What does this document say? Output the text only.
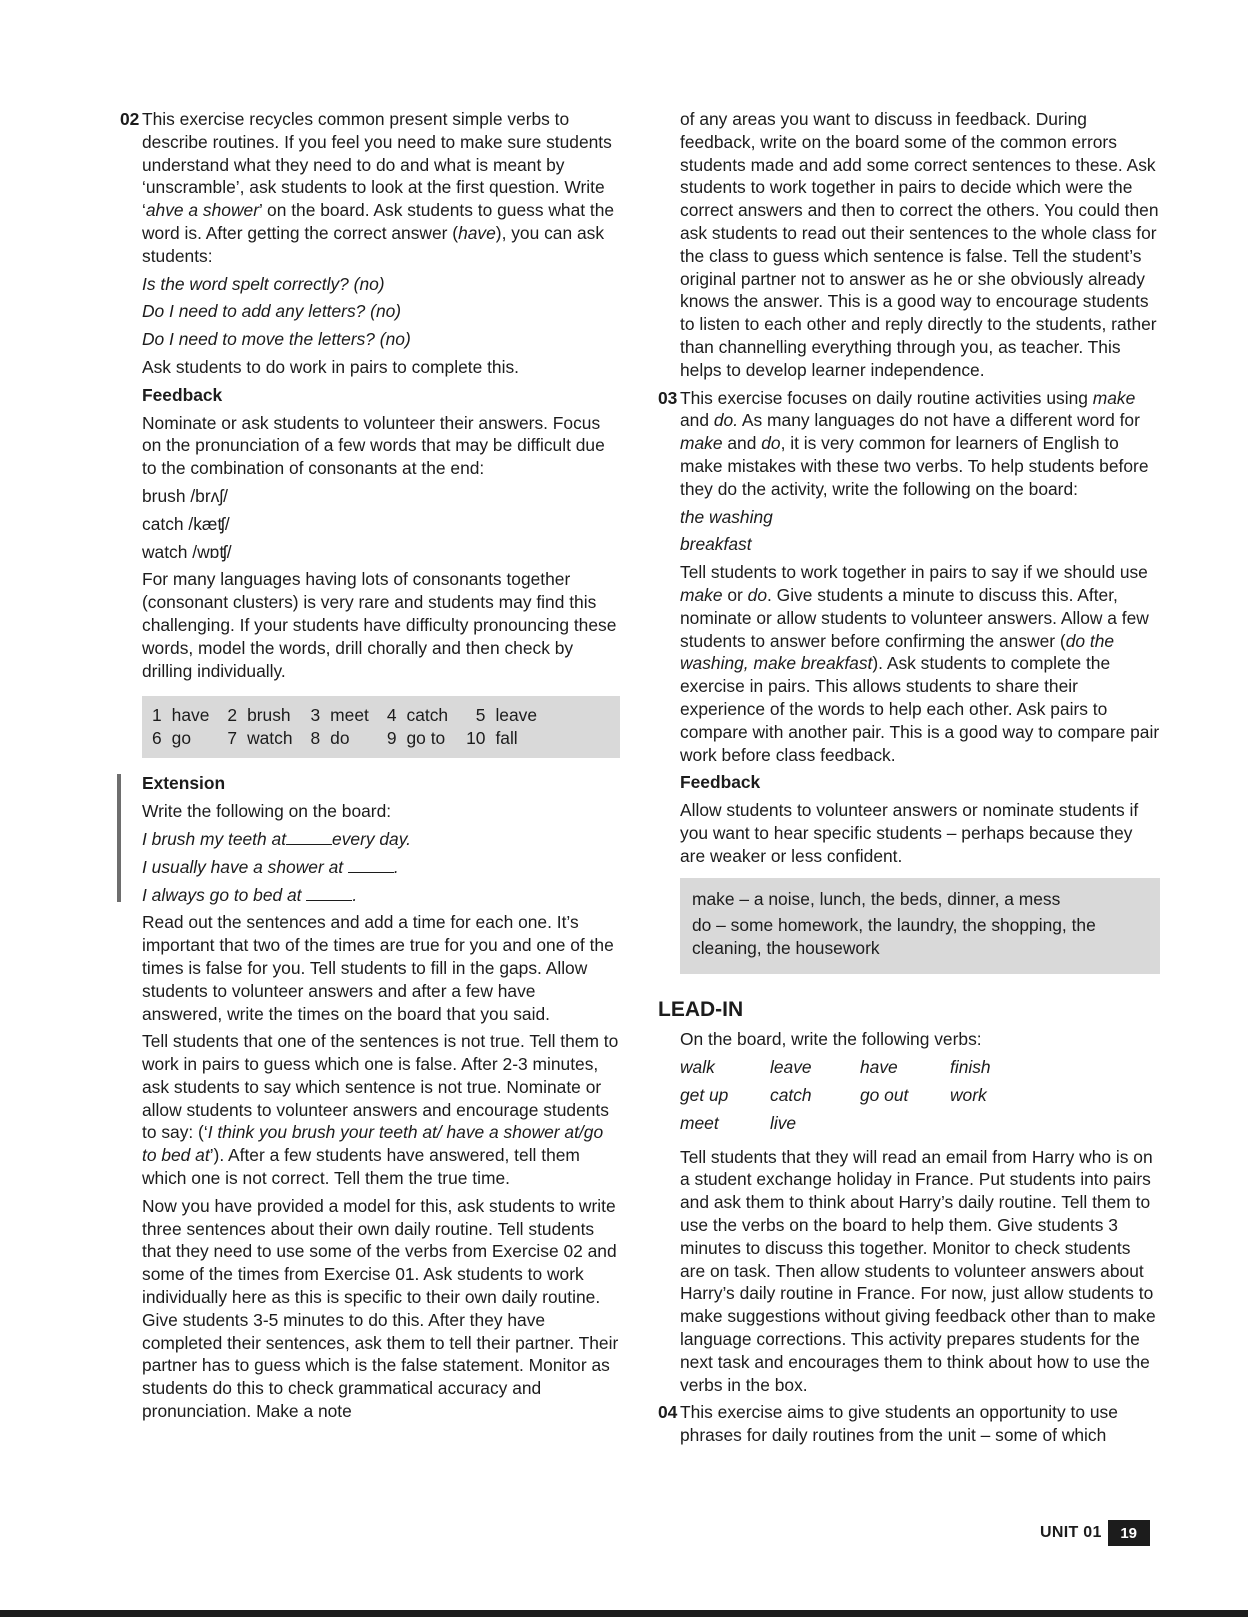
02 This exercise recycles common present simple verbs to describe routines. If you feel you need to make sure students understand what they need to do and what is meant by ‘unscramble’, ask students to look at the first question. Write ‘ahve a shower’ on the board. Ask students to guess what the word is. After getting the correct answer (have), you can ask students:

Is the word spelt correctly? (no)

Do I need to add any letters? (no)

Do I need to move the letters? (no)

Ask students to do work in pairs to complete this.

Feedback

Nominate or ask students to volunteer their answers. Focus on the pronunciation of a few words that may be difficult due to the combination of consonants at the end:

brush /brʌʃ/

catch /kæʧ/

watch /wɒʧ/

For many languages having lots of consonants together (consonant clusters) is very rare and students may find this challenging. If your students have difficulty pronouncing these words, model the words, drill chorally and then check by drilling individually.

1	have	2	brush	3	meet	4	catch	5	leave
6	go	7	watch	8	do	9	go to	10	fall

Extension

Write the following on the board:

I brush my teeth at	every day.

I usually have a shower at	.

I always go to bed at	.

Read out the sentences and add a time for each one. It’s important that two of the times are true for you and one of the times is false for you. Tell students to fill in the gaps. Allow students to volunteer answers and after a few have answered, write the times on the board that you said.

Tell students that one of the sentences is not true. Tell them to work in pairs to guess which one is false. After 2-3 minutes, ask students to say which sentence is not true. Nominate or allow students to volunteer answers and encourage students to say: (‘I think you brush your teeth at/ have a shower at/go to bed at’). After a few students have answered, tell them which one is not correct. Tell them the true time.

Now you have provided a model for this, ask students to write three sentences about their own daily routine. Tell students that they need to use some of the verbs from Exercise 02 and some of the times from Exercise 01. Ask students to work individually here as this is specific to their own daily routine. Give students 3-5 minutes to do this. After they have completed their sentences, ask them to tell their partner. Their partner has to guess which is the false statement. Monitor as students do this to check grammatical accuracy and pronunciation. Make a note

of any areas you want to discuss in feedback. During feedback, write on the board some of the common errors students made and add some correct sentences to these. Ask students to work together in pairs to decide which were the correct answers and then to correct the others. You could then ask students to read out their sentences to the whole class for the class to guess which sentence is false. Tell the student’s original partner not to answer as he or she obviously already knows the answer. This is a good way to encourage students to listen to each other and reply directly to the students, rather than channelling everything through you, as teacher. This helps to develop learner independence.

03 This exercise focuses on daily routine activities using make and do. As many languages do not have a different word for make and do, it is very common for learners of English to make mistakes with these two verbs. To help students before they do the activity, write the following on the board:

the washing

breakfast

Tell students to work together in pairs to say if we should use make or do. Give students a minute to discuss this. After, nominate or allow students to volunteer answers. Allow a few students to answer before confirming the answer (do the washing, make breakfast). Ask students to complete the exercise in pairs. This allows students to share their experience of the words to help each other. Ask pairs to compare with another pair. This is a good way to compare pair work before class feedback.

Feedback

Allow students to volunteer answers or nominate students if you want to hear specific students – perhaps because they are weaker or less confident.

make – a noise, lunch, the beds, dinner, a mess

do – some homework, the laundry, the shopping, the cleaning, the housework

LEAD-IN

On the board, write the following verbs:

walk	leave	have	finish
get up	catch	go out	work
meet	live		

Tell students that they will read an email from Harry who is on a student exchange holiday in France. Put students into pairs and ask them to think about Harry’s daily routine. Tell them to use the verbs on the board to help them. Give students 3 minutes to discuss this together. Monitor to check students are on task. Then allow students to volunteer answers about Harry’s daily routine in France. For now, just allow students to make suggestions without giving feedback other than to make language corrections. This activity prepares students for the next task and encourages them to think about how to use the verbs in the box.

04 This exercise aims to give students an opportunity to use phrases for daily routines from the unit – some of which

UNIT 01	19
